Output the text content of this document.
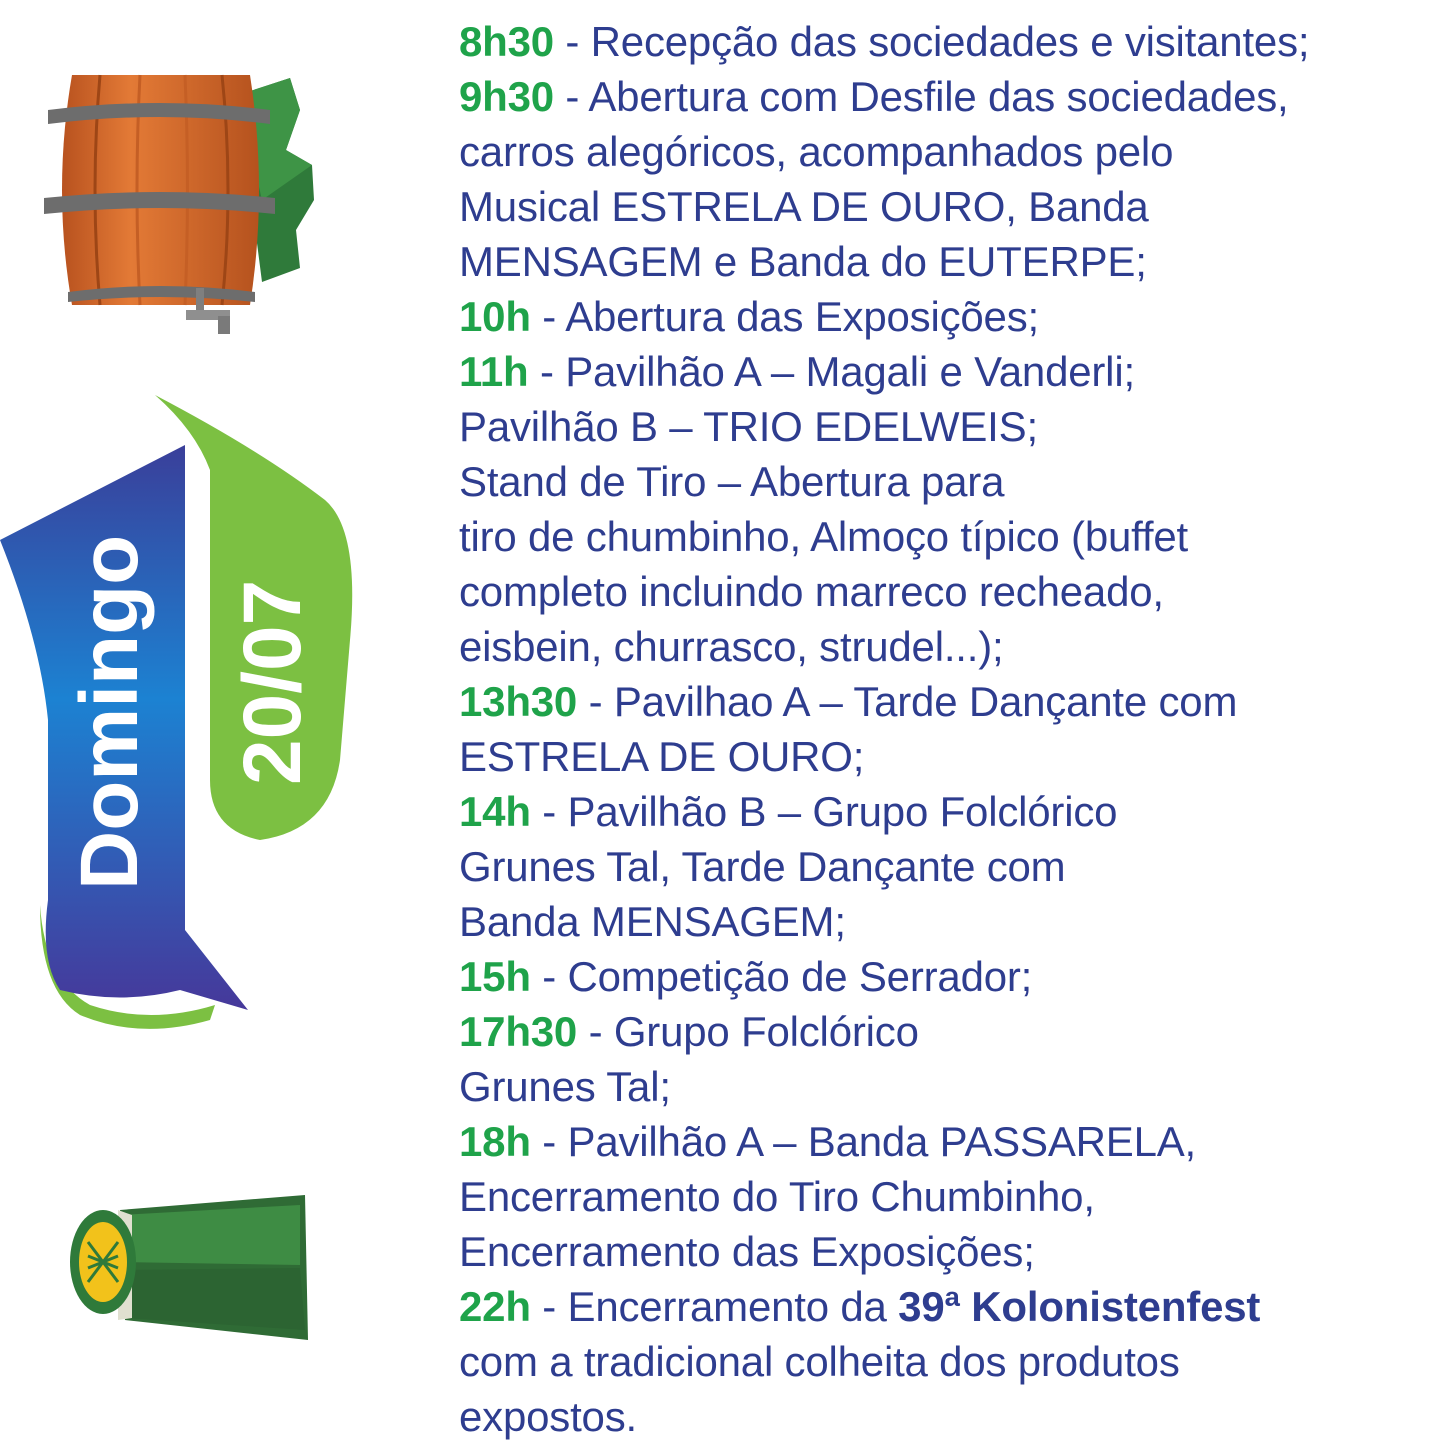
Domingo 20/07
8h30 - Recepção das sociedades e visitantes;
9h30 - Abertura com Desfile das sociedades,
carros alegóricos, acompanhados pelo
Musical ESTRELA DE OURO, Banda
MENSAGEM e Banda do EUTERPE;
10h - Abertura das Exposições;
11h - Pavilhão A – Magali e Vanderli;
Pavilhão B – TRIO EDELWEIS;
Stand de Tiro – Abertura para
tiro de chumbinho, Almoço típico (buffet
completo incluindo marreco recheado,
eisbein, churrasco, strudel...);
13h30 - Pavilhao A – Tarde Dançante com
ESTRELA DE OURO;
14h - Pavilhão B – Grupo Folclórico
Grunes Tal, Tarde Dançante com
Banda MENSAGEM;
15h - Competição de Serrador;
17h30 - Grupo Folclórico
Grunes Tal;
18h - Pavilhão A – Banda PASSARELA,
Encerramento do Tiro Chumbinho,
Encerramento das Exposições;
22h - Encerramento da 39ª Kolonistenfest
com a tradicional colheita dos produtos
expostos.
